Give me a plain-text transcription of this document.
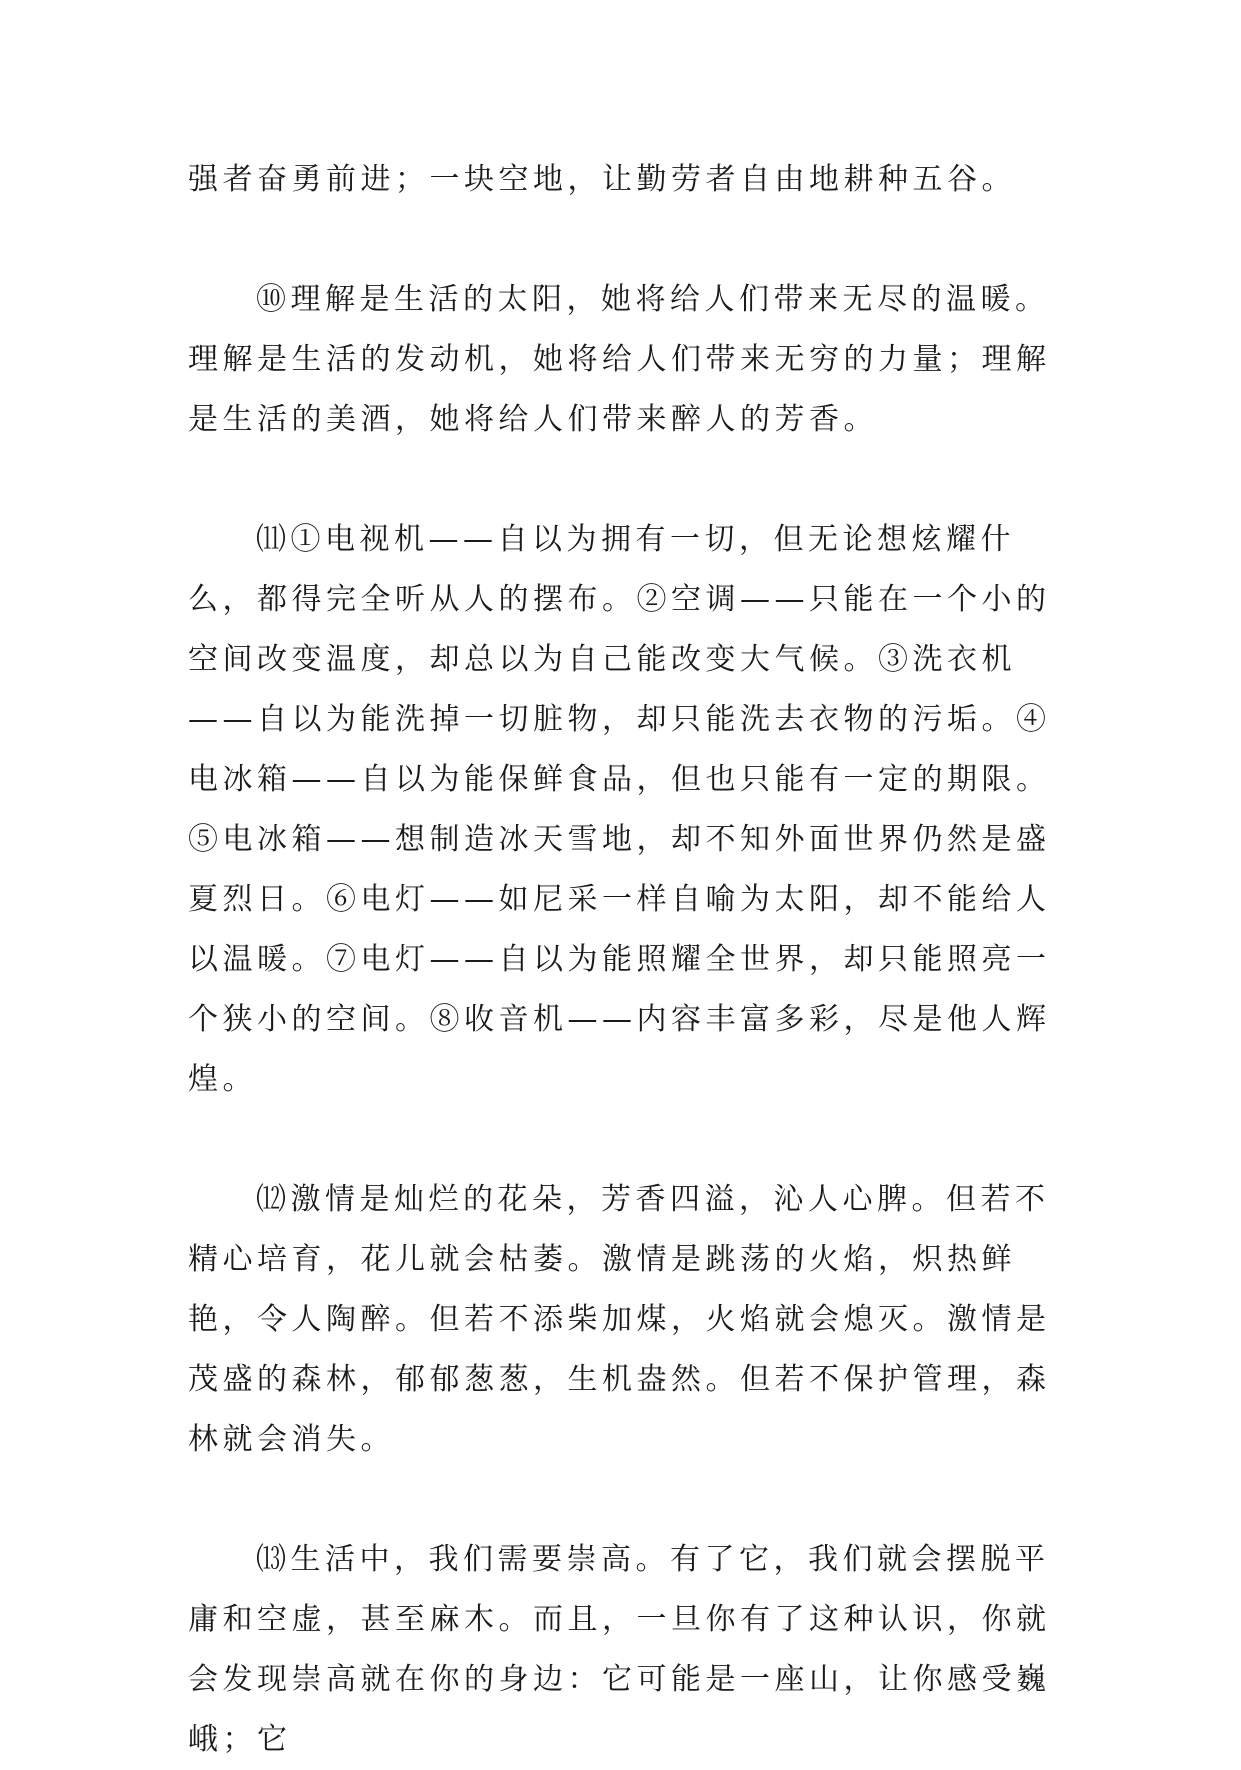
强者奋勇前进；一块空地，让勤劳者自由地耕种五谷。

⑩理解是生活的太阳，她将给人们带来无尽的温暖。理解是生活的发动机，她将给人们带来无穷的力量；理解是生活的美酒，她将给人们带来醉人的芳香。

⑾①电视机——自以为拥有一切，但无论想炫耀什么，都得完全听从人的摆布。②空调——只能在一个小的空间改变温度，却总以为自己能改变大气候。③洗衣机——自以为能洗掉一切脏物，却只能洗去衣物的污垢。④电冰箱——自以为能保鲜食品，但也只能有一定的期限。⑤电冰箱——想制造冰天雪地，却不知外面世界仍然是盛夏烈日。⑥电灯——如尼采一样自喻为太阳，却不能给人以温暖。⑦电灯——自以为能照耀全世界，却只能照亮一个狭小的空间。⑧收音机——内容丰富多彩，尽是他人辉煌。

⑿激情是灿烂的花朵，芳香四溢，沁人心脾。但若不精心培育，花儿就会枯萎。激情是跳荡的火焰，炽热鲜艳，令人陶醉。但若不添柴加煤，火焰就会熄灭。激情是茂盛的森林，郁郁葱葱，生机盎然。但若不保护管理，森林就会消失。

⒀生活中，我们需要崇高。有了它，我们就会摆脱平庸和空虚，甚至麻木。而且，一旦你有了这种认识，你就会发现崇高就在你的身边：它可能是一座山，让你感受巍峨；它
